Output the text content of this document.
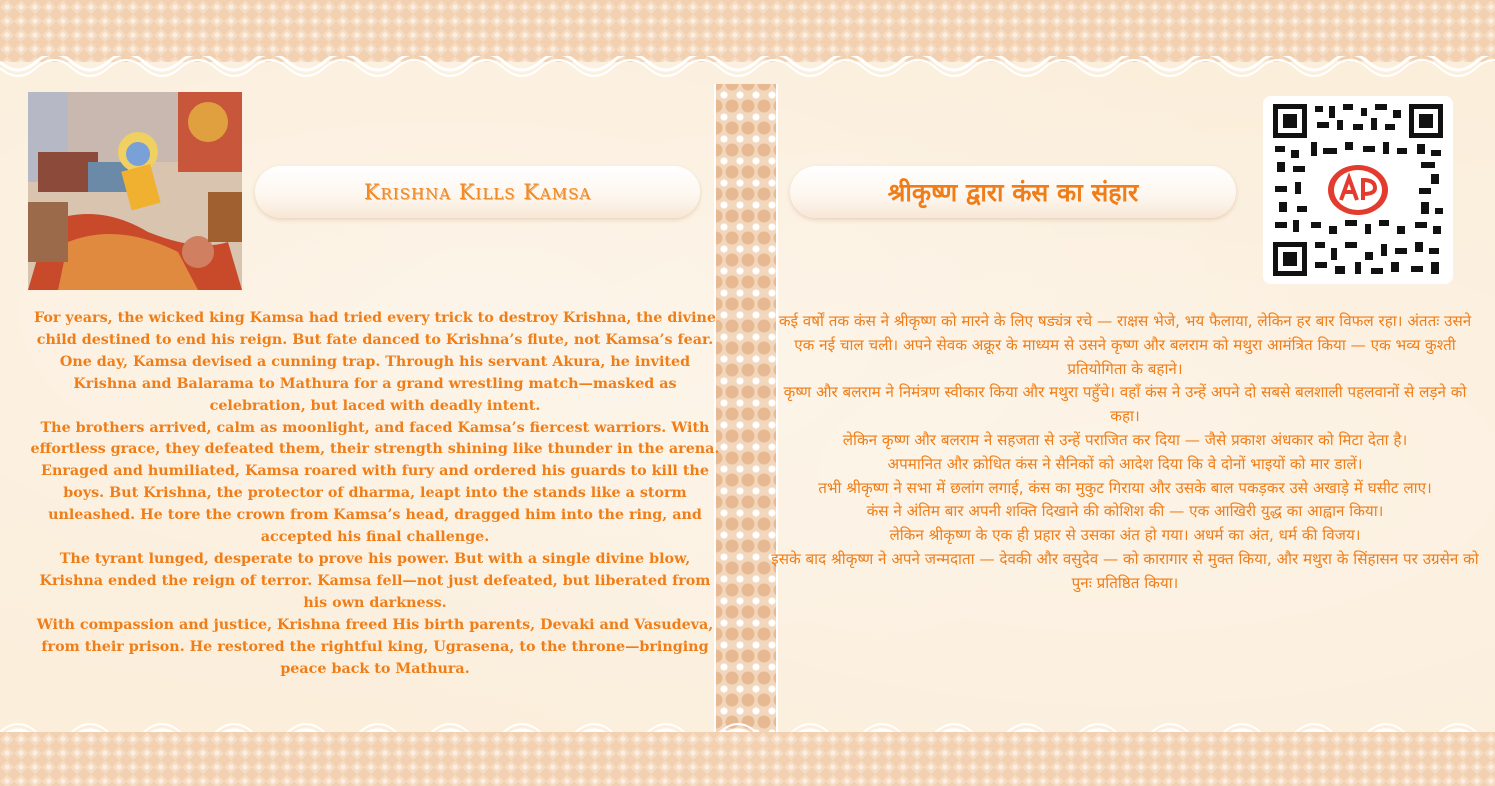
Krishna Kills Kamsa	श्रीकृष्ण द्वारा कंस का संहार

For years, the wicked king Kamsa had tried every trick to destroy Krishna, the divine child destined to end his reign. But fate danced to Krishna’s flute, not Kamsa’s fear. One day, Kamsa devised a cunning trap. Through his servant Akura, he invited Krishna and Balarama to Mathura for a grand wrestling match—masked as celebration, but laced with deadly intent.

The brothers arrived, calm as moonlight, and faced Kamsa’s fiercest warriors. With effortless grace, they defeated them, their strength shining like thunder in the arena. Enraged and humiliated, Kamsa roared with fury and ordered his guards to kill the boys. But Krishna, the protector of dharma, leapt into the stands like a storm unleashed. He tore the crown from Kamsa’s head, dragged him into the ring, and accepted his final challenge.

The tyrant lunged, desperate to prove his power. But with a single divine blow, Krishna ended the reign of terror. Kamsa fell—not just defeated, but liberated from his own darkness.

With compassion and justice, Krishna freed His birth parents, Devaki and Vasudeva, from their prison. He restored the rightful king, Ugrasena, to the throne—bringing peace back to Mathura.

कई वर्षों तक कंस ने श्रीकृष्ण को मारने के लिए षड्यंत्र रचे — राक्षस भेजे, भय फैलाया, लेकिन हर बार विफल रहा। अंततः उसने एक नई चाल चली। अपने सेवक अक्रूर के माध्यम से उसने कृष्ण और बलराम को मथुरा आमंत्रित किया — एक भव्य कुश्ती प्रतियोगिता के बहाने।

कृष्ण और बलराम ने निमंत्रण स्वीकार किया और मथुरा पहुँचे। वहाँ कंस ने उन्हें अपने दो सबसे बलशाली पहलवानों से लड़ने को कहा।

लेकिन कृष्ण और बलराम ने सहजता से उन्हें पराजित कर दिया — जैसे प्रकाश अंधकार को मिटा देता है।

अपमानित और क्रोधित कंस ने सैनिकों को आदेश दिया कि वे दोनों भाइयों को मार डालें।

तभी श्रीकृष्ण ने सभा में छलांग लगाई, कंस का मुकुट गिराया और उसके बाल पकड़कर उसे अखाड़े में घसीट लाए।

कंस ने अंतिम बार अपनी शक्ति दिखाने की कोशिश की — एक आखिरी युद्ध का आह्वान किया।

लेकिन श्रीकृष्ण के एक ही प्रहार से उसका अंत हो गया। अधर्म का अंत, धर्म की विजय।

इसके बाद श्रीकृष्ण ने अपने जन्मदाता — देवकी और वसुदेव — को कारागार से मुक्त किया, और मथुरा के सिंहासन पर उग्रसेन को पुनः प्रतिष्ठित किया।
